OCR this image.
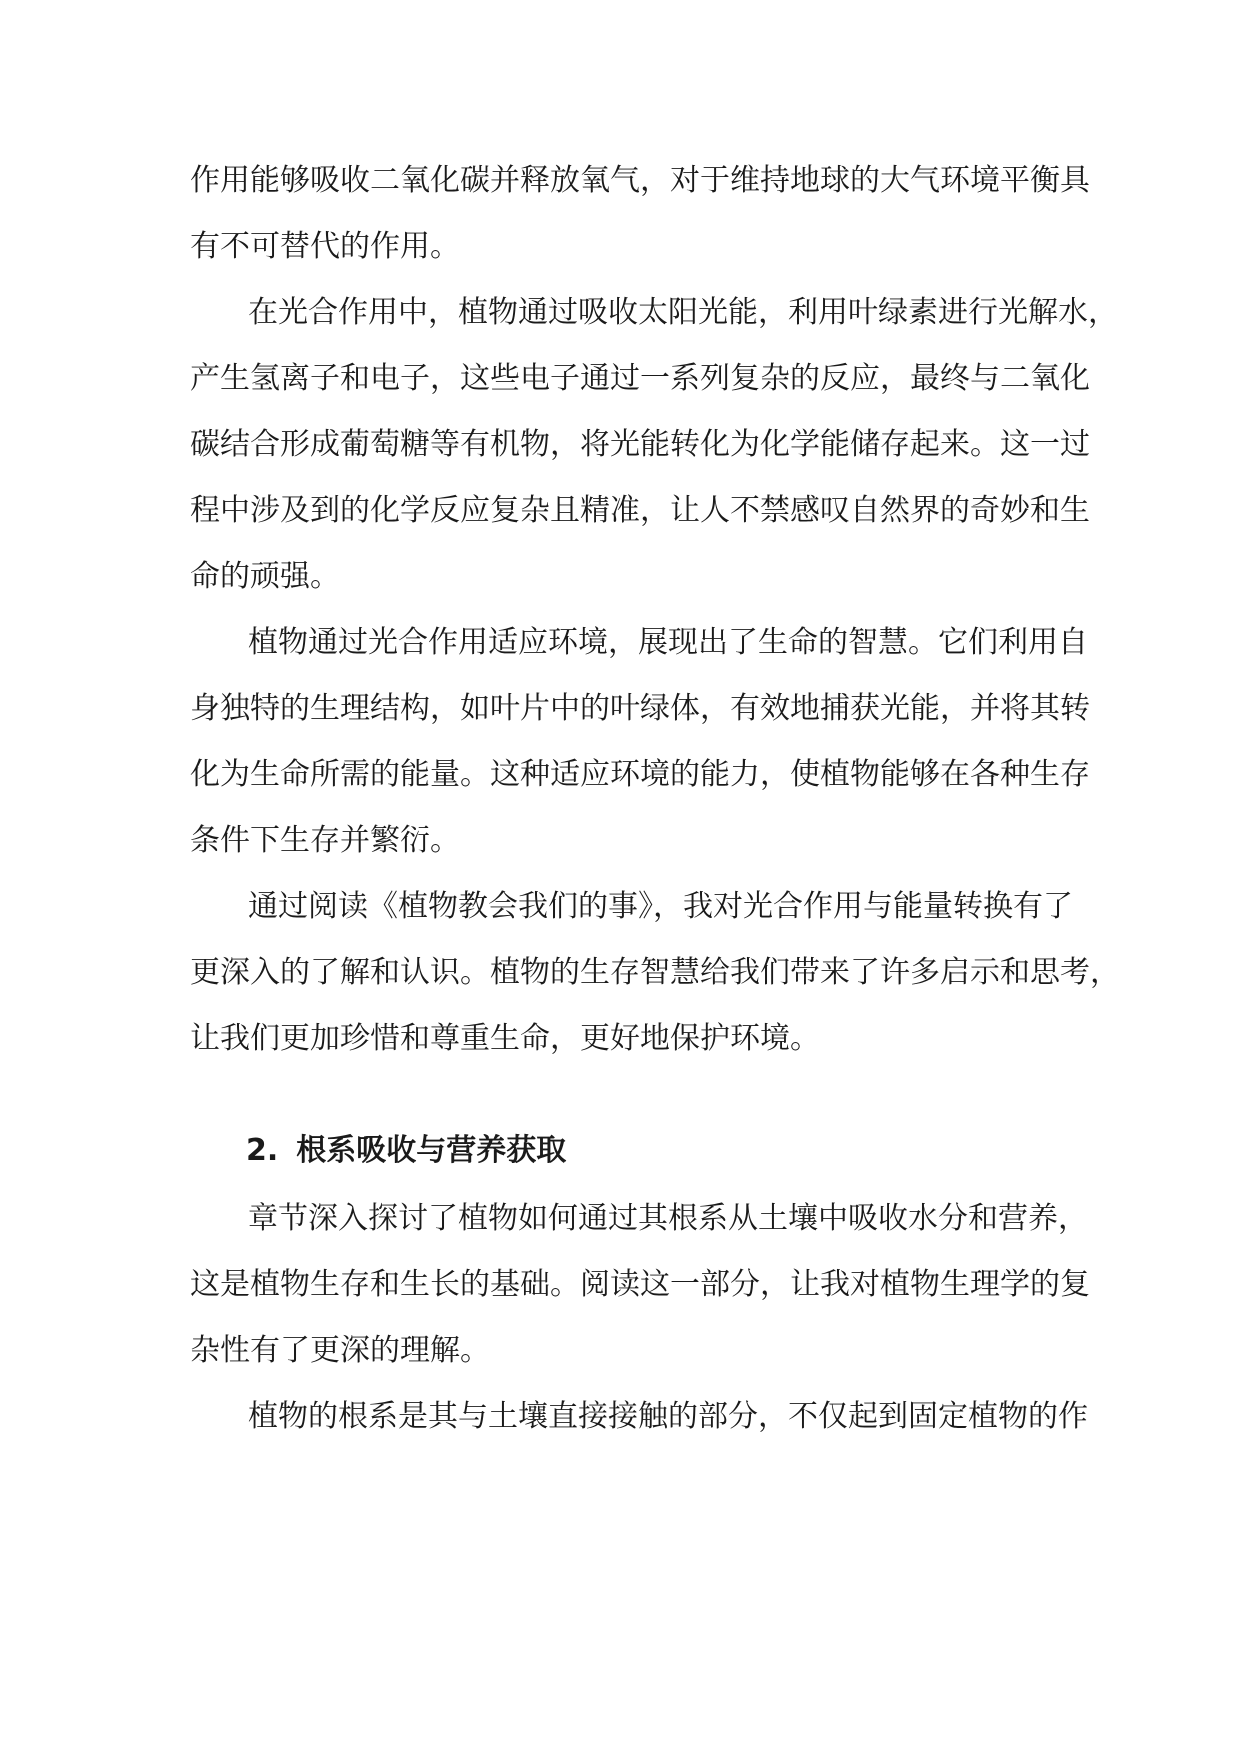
作用能够吸收二氧化碳并释放氧气，对于维持地球的大气环境平衡具
有不可替代的作用。
在光合作用中，植物通过吸收太阳光能，利用叶绿素进行光解水，
产生氢离子和电子，这些电子通过一系列复杂的反应，最终与二氧化
碳结合形成葡萄糖等有机物，将光能转化为化学能储存起来。这一过
程中涉及到的化学反应复杂且精准，让人不禁感叹自然界的奇妙和生
命的顽强。
植物通过光合作用适应环境，展现出了生命的智慧。它们利用自
身独特的生理结构，如叶片中的叶绿体，有效地捕获光能，并将其转
化为生命所需的能量。这种适应环境的能力，使植物能够在各种生存
条件下生存并繁衍。
通过阅读《植物教会我们的事》，我对光合作用与能量转换有了
更深入的了解和认识。植物的生存智慧给我们带来了许多启示和思考，
让我们更加珍惜和尊重生命，更好地保护环境。
2. 根系吸收与营养获取
章节深入探讨了植物如何通过其根系从土壤中吸收水分和营养，
这是植物生存和生长的基础。阅读这一部分，让我对植物生理学的复
杂性有了更深的理解。
植物的根系是其与土壤直接接触的部分，不仅起到固定植物的作
